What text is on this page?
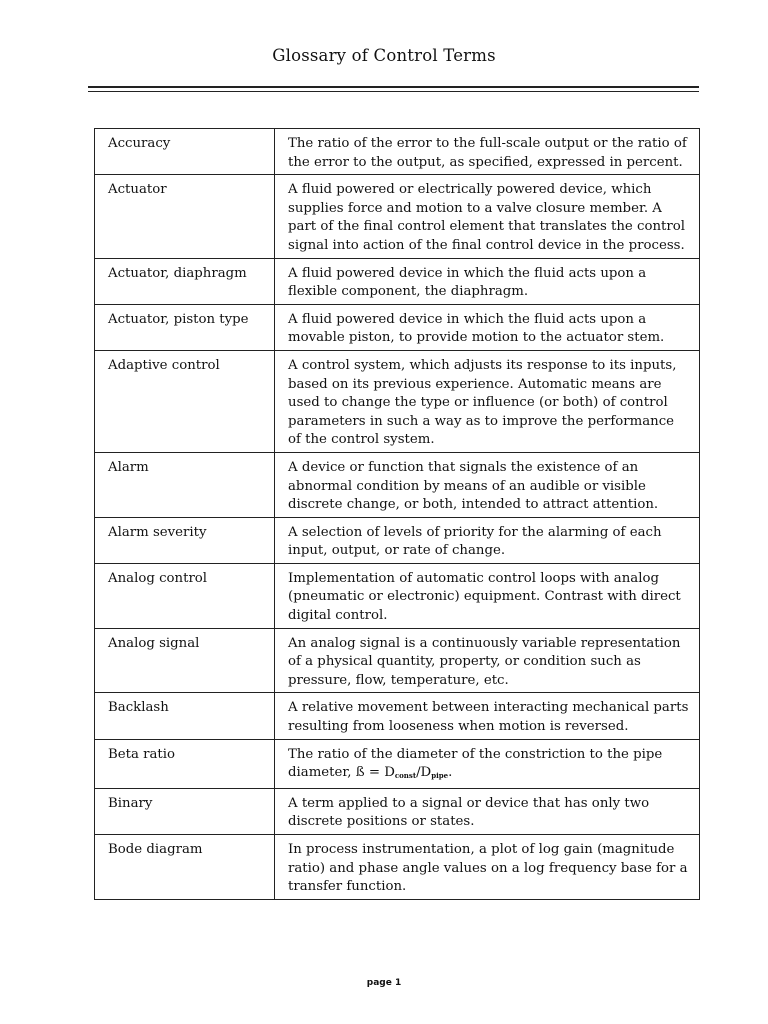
Glossary of Control Terms
Accuracy	The ratio of the error to the full-scale output or the ratio of the error to the output, as specified, expressed in percent.
Actuator	A fluid powered or electrically powered device, which supplies force and motion to a valve closure member. A part of the final control element that translates the control signal into action of the final control device in the process.
Actuator, diaphragm	A fluid powered device in which the fluid acts upon a flexible component, the diaphragm.
Actuator, piston type	A fluid powered device in which the fluid acts upon a movable piston, to provide motion to the actuator stem.
Adaptive control	A control system, which adjusts its response to its inputs, based on its previous experience. Automatic means are used to change the type or influence (or both) of control parameters in such a way as to improve the performance of the control system.
Alarm	A device or function that signals the existence of an abnormal condition by means of an audible or visible discrete change, or both, intended to attract attention.
Alarm severity	A selection of levels of priority for the alarming of each input, output, or rate of change.
Analog control	Implementation of automatic control loops with analog (pneumatic or electronic) equipment. Contrast with direct digital control.
Analog signal	An analog signal is a continuously variable representation of a physical quantity, property, or condition such as pressure, flow, temperature, etc.
Backlash	A relative movement between interacting mechanical parts resulting from looseness when motion is reversed.
Beta ratio	The ratio of the diameter of the constriction to the pipe diameter, ß = $D_{const}/D_{pipe}$.
Binary	A term applied to a signal or device that has only two discrete positions or states.
Bode diagram	In process instrumentation, a plot of log gain (magnitude ratio) and phase angle values on a log frequency base for a transfer function.
page 1
